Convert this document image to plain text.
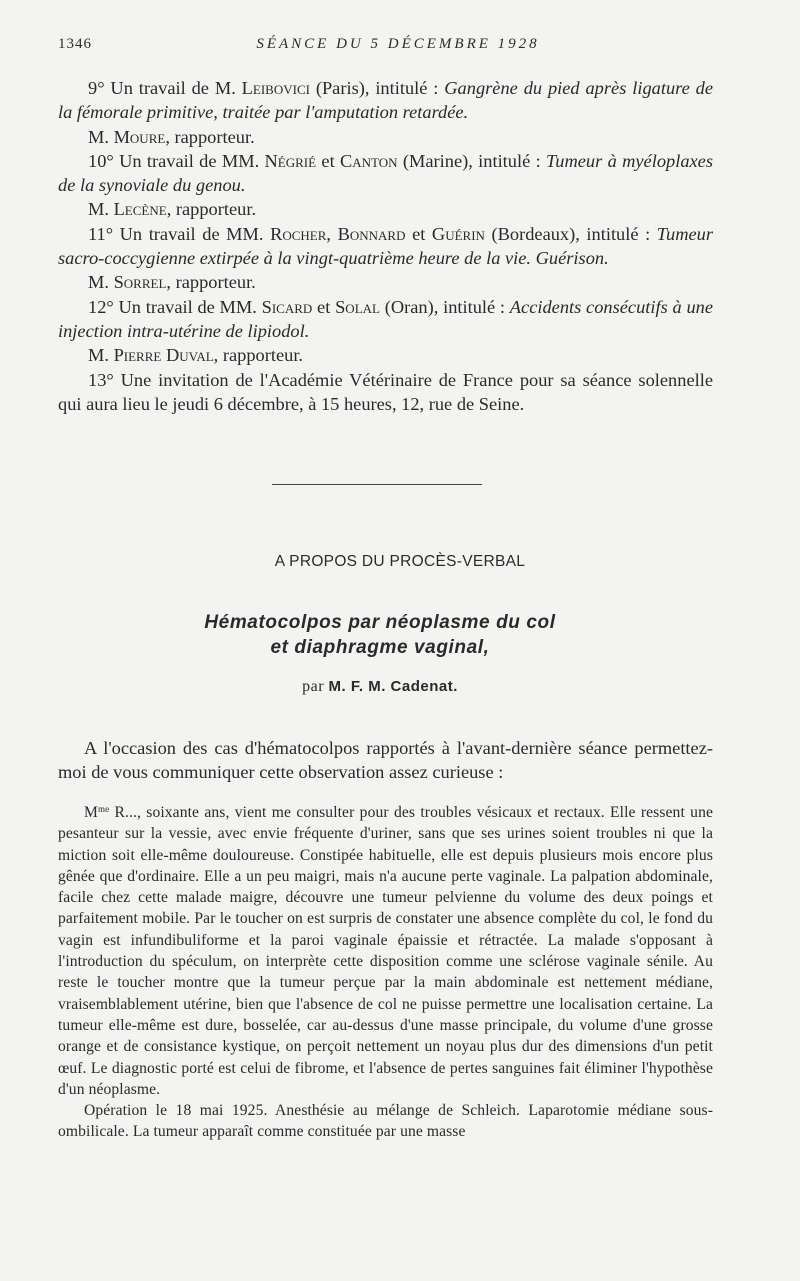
1346	SÉANCE DU 5 DÉCEMBRE 1928

9° Un travail de M. Leibovici (Paris), intitulé : Gangrène du pied après ligature de la fémorale primitive, traitée par l'amputation retardée.

M. Moure, rapporteur.

10° Un travail de MM. Négrié et Canton (Marine), intitulé : Tumeur à myéloplaxes de la synoviale du genou.

M. Lecène, rapporteur.

11° Un travail de MM. Rocher, Bonnard et Guérin (Bordeaux), intitulé : Tumeur sacro-coccygienne extirpée à la vingt-quatrième heure de la vie. Guérison.

M. Sorrel, rapporteur.

12° Un travail de MM. Sicard et Solal (Oran), intitulé : Accidents consécutifs à une injection intra-utérine de lipiodol.

M. Pierre Duval, rapporteur.

13° Une invitation de l'Académie Vétérinaire de France pour sa séance solennelle qui aura lieu le jeudi 6 décembre, à 15 heures, 12, rue de Seine.

A PROPOS DU PROCÈS-VERBAL
Hématocolpos par néoplasme du col
et diaphragme vaginal,
par M. F. M. Cadenat.

A l'occasion des cas d'hématocolpos rapportés à l'avant-dernière séance permettez-moi de vous communiquer cette observation assez curieuse :

$M^{me}$ R..., soixante ans, vient me consulter pour des troubles vésicaux et rectaux. Elle ressent une pesanteur sur la vessie, avec envie fréquente d'uriner, sans que ses urines soient troubles ni que la miction soit elle-même douloureuse. Constipée habituelle, elle est depuis plusieurs mois encore plus gênée que d'ordinaire. Elle a un peu maigri, mais n'a aucune perte vaginale. La palpation abdominale, facile chez cette malade maigre, découvre une tumeur pelvienne du volume des deux poings et parfaitement mobile. Par le toucher on est surpris de constater une absence complète du col, le fond du vagin est infundibuliforme et la paroi vaginale épaissie et rétractée. La malade s'opposant à l'introduction du spéculum, on interprète cette disposition comme une sclérose vaginale sénile. Au reste le toucher montre que la tumeur perçue par la main abdominale est nettement médiane, vraisemblablement utérine, bien que l'absence de col ne puisse permettre une localisation certaine. La tumeur elle-même est dure, bosselée, car au-dessus d'une masse principale, du volume d'une grosse orange et de consistance kystique, on perçoit nettement un noyau plus dur des dimensions d'un petit œuf. Le diagnostic porté est celui de fibrome, et l'absence de pertes sanguines fait éliminer l'hypothèse d'un néoplasme.

Opération le 18 mai 1925. Anesthésie au mélange de Schleich. Laparotomie médiane sous-ombilicale. La tumeur apparaît comme constituée par une masse
